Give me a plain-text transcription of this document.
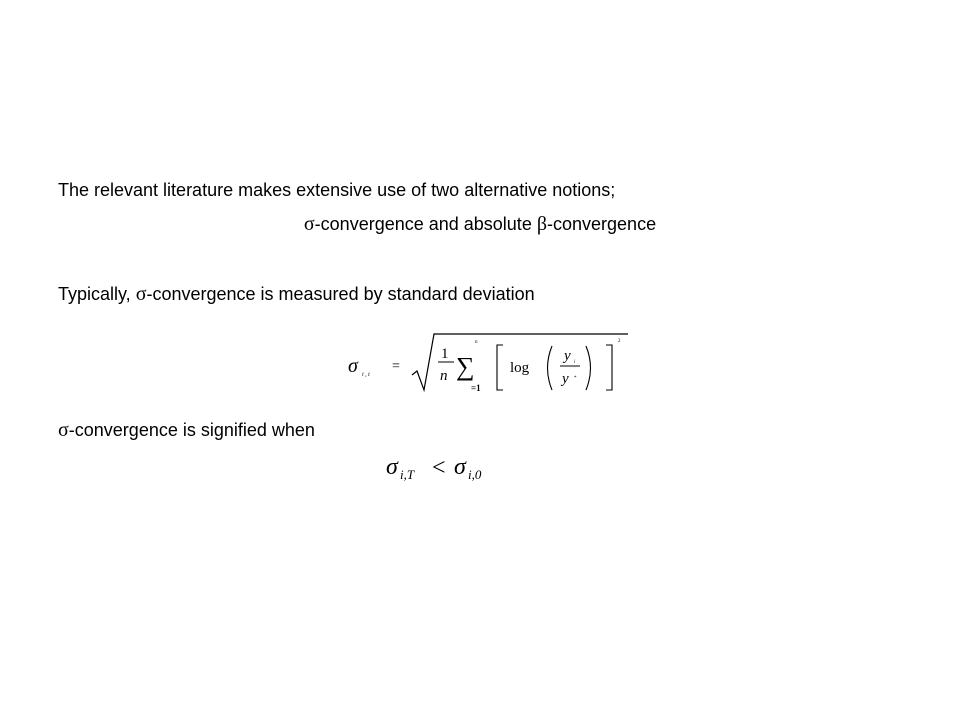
The relevant literature makes extensive use of two alternative notions;
σ-convergence and absolute β-convergence
Typically, σ-convergence is measured by standard deviation
σ i , t
=
1
n
n
∑
=1
log
y i
y *
2
σ-convergence is signified when
σ i,T < σ i,0
